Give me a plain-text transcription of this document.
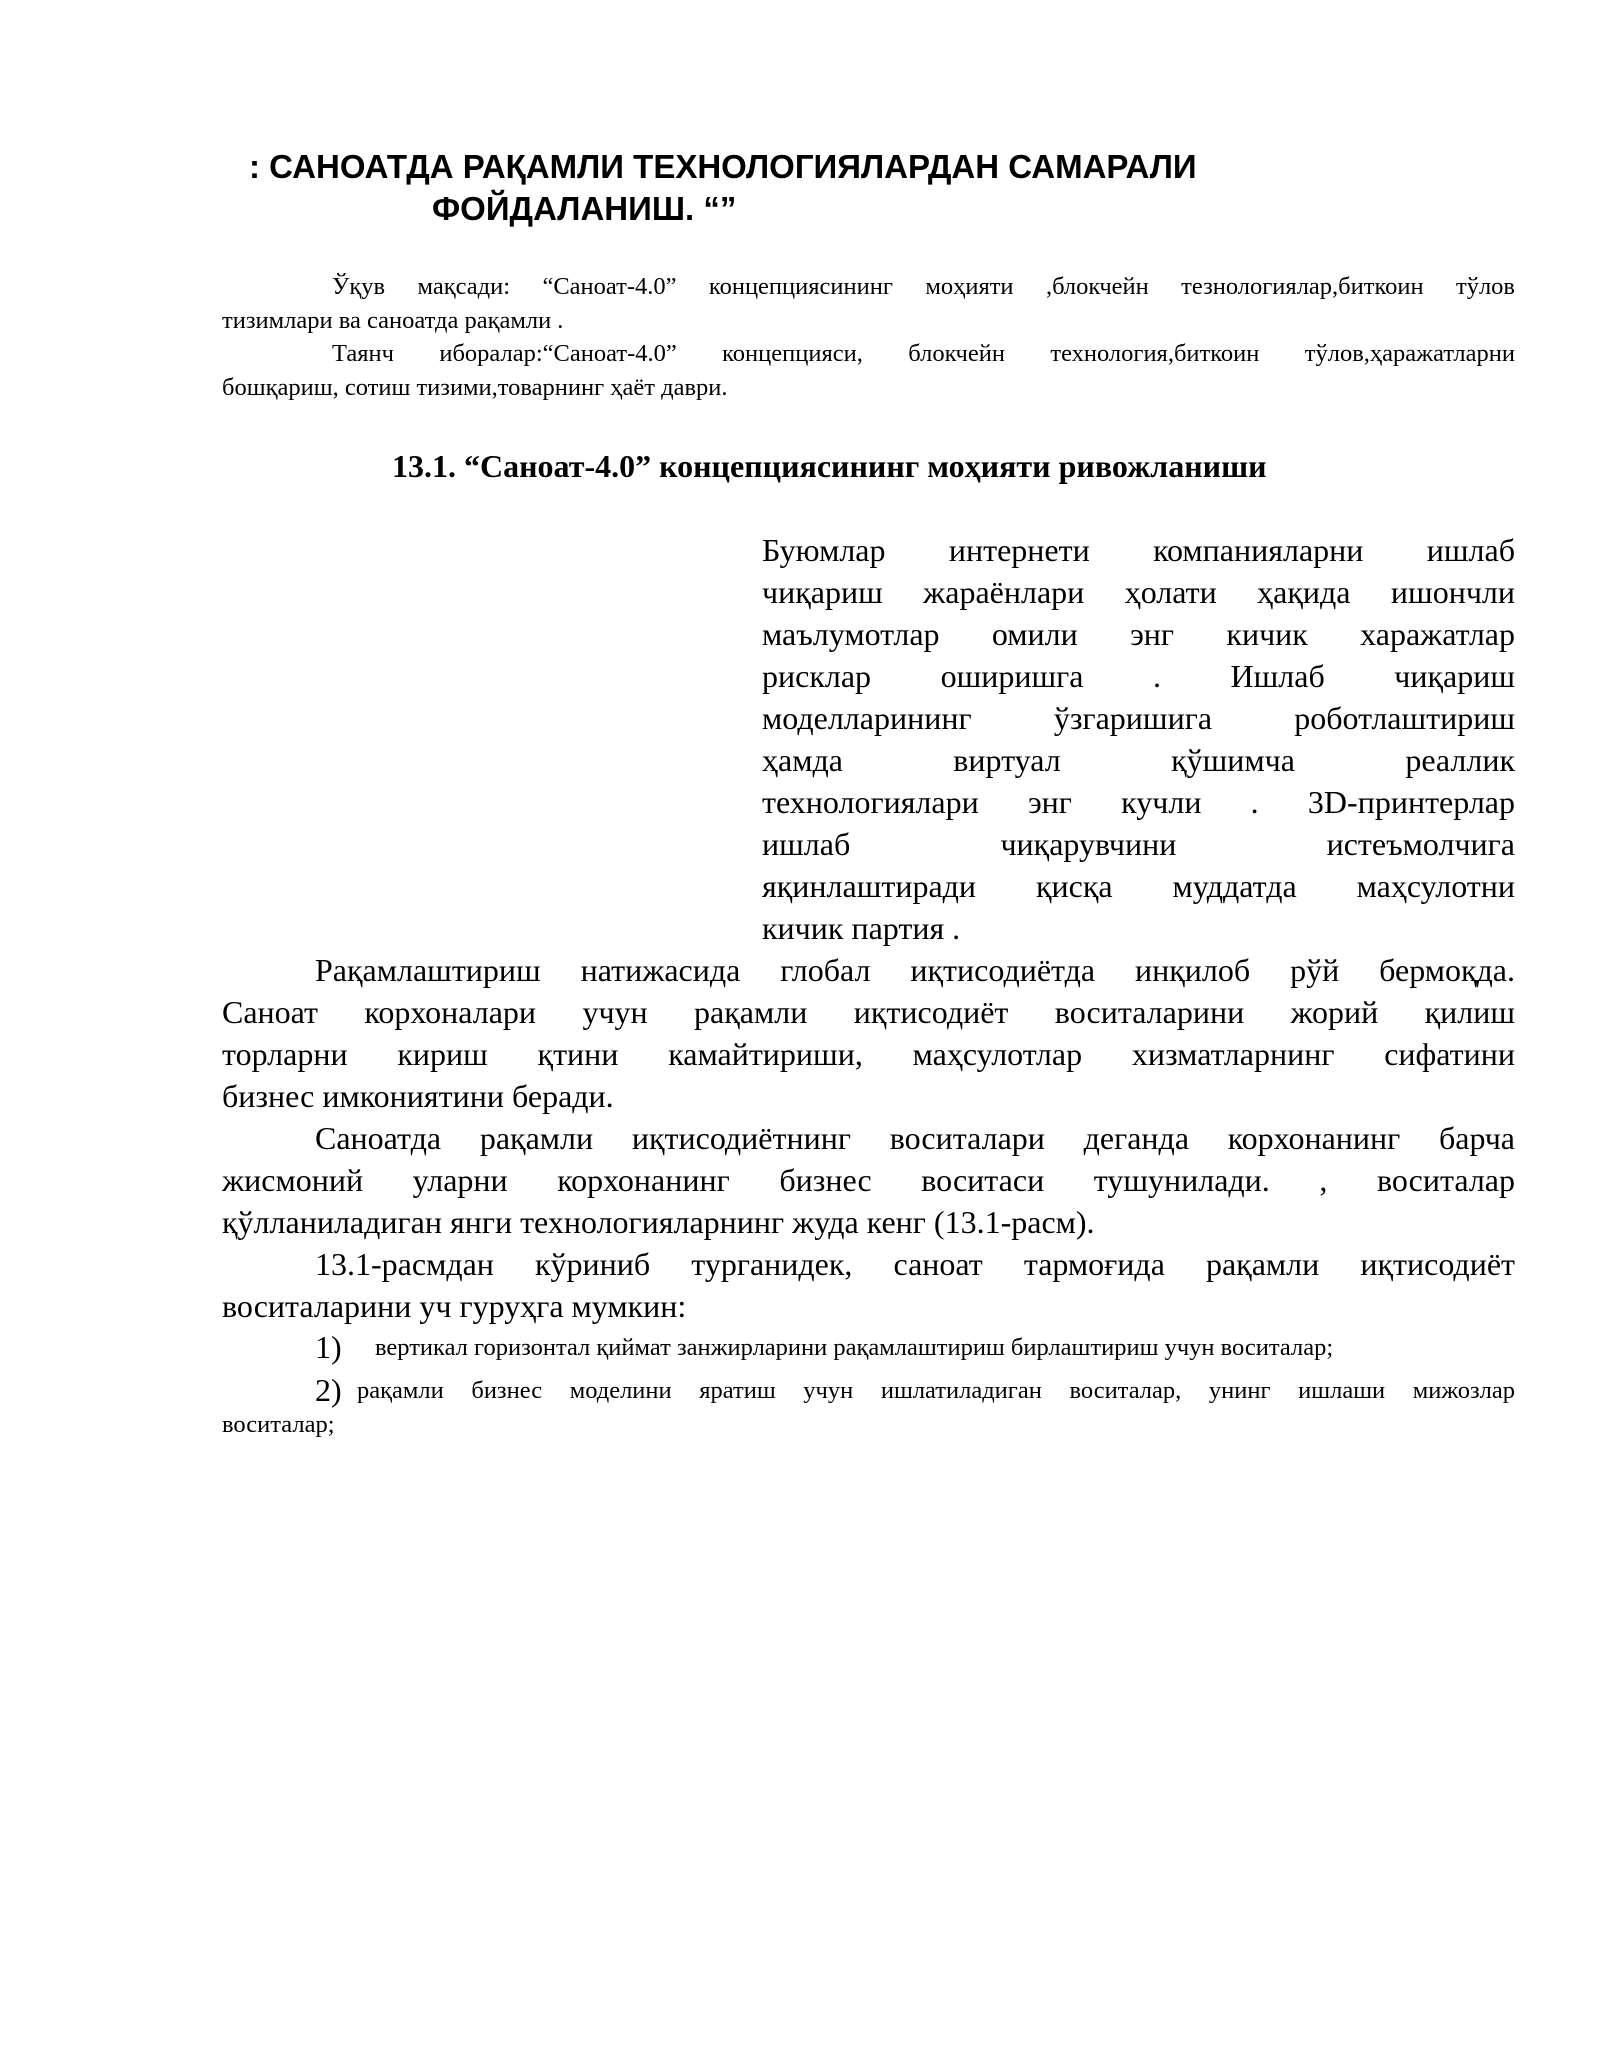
: САНОАТДА РАҚАМЛИ ТЕХНОЛОГИЯЛАРДАН САМАРАЛИ
ФОЙДАЛАНИШ. “”
Ўқув мақсади: “Саноат-4.0” концепциясининг моҳияти ,блокчейн тезнологиялар,биткоин тўлов
тизимлари ва саноатда рақамли .
Таянч иборалар:“Саноат-4.0” концепцияси, блокчейн технология,биткоин тўлов,ҳаражатларни
бошқариш, сотиш тизими,товарнинг ҳаёт даври.
13.1. “Саноат-4.0” концепциясининг моҳияти ривожланиши
Буюмлар интернети компанияларни ишлаб
чиқариш жараёнлари ҳолати ҳақида ишончли
маълумотлар омили энг кичик харажатлар
рисклар оширишга . Ишлаб чиқариш
моделларининг ўзгаришига роботлаштириш
ҳамда виртуал қўшимча реаллик
технологиялари энг кучли . 3D-принтерлар
ишлаб чиқарувчини истеъмолчига
яқинлаштиради қисқа муддатда маҳсулотни
кичик партия .
Рақамлаштириш натижасида глобал иқтисодиётда инқилоб рўй бермоқда.
Саноат корхоналари учун рақамли иқтисодиёт воситаларини жорий қилиш
торларни кириш қтини камайтириши, маҳсулотлар хизматларнинг сифатини
бизнес имкониятини беради.
Саноатда рақамли иқтисодиётнинг воситалари деганда корхонанинг барча
жисмоний уларни корхонанинг бизнес воситаси тушунилади. , воситалар
қўлланиладиган янги технологияларнинг жуда кенг (13.1-расм).
13.1-расмдан кўриниб турганидек, саноат тармоғида рақамли иқтисодиёт
воситаларини уч гуруҳга мумкин:
1) вертикал горизонтал қиймат занжирларини рақамлаштириш бирлаштириш учун воситалар;
2) рақамли бизнес моделини яратиш учун ишлатиладиган воситалар, унинг ишлаши мижозлар
воситалар;
